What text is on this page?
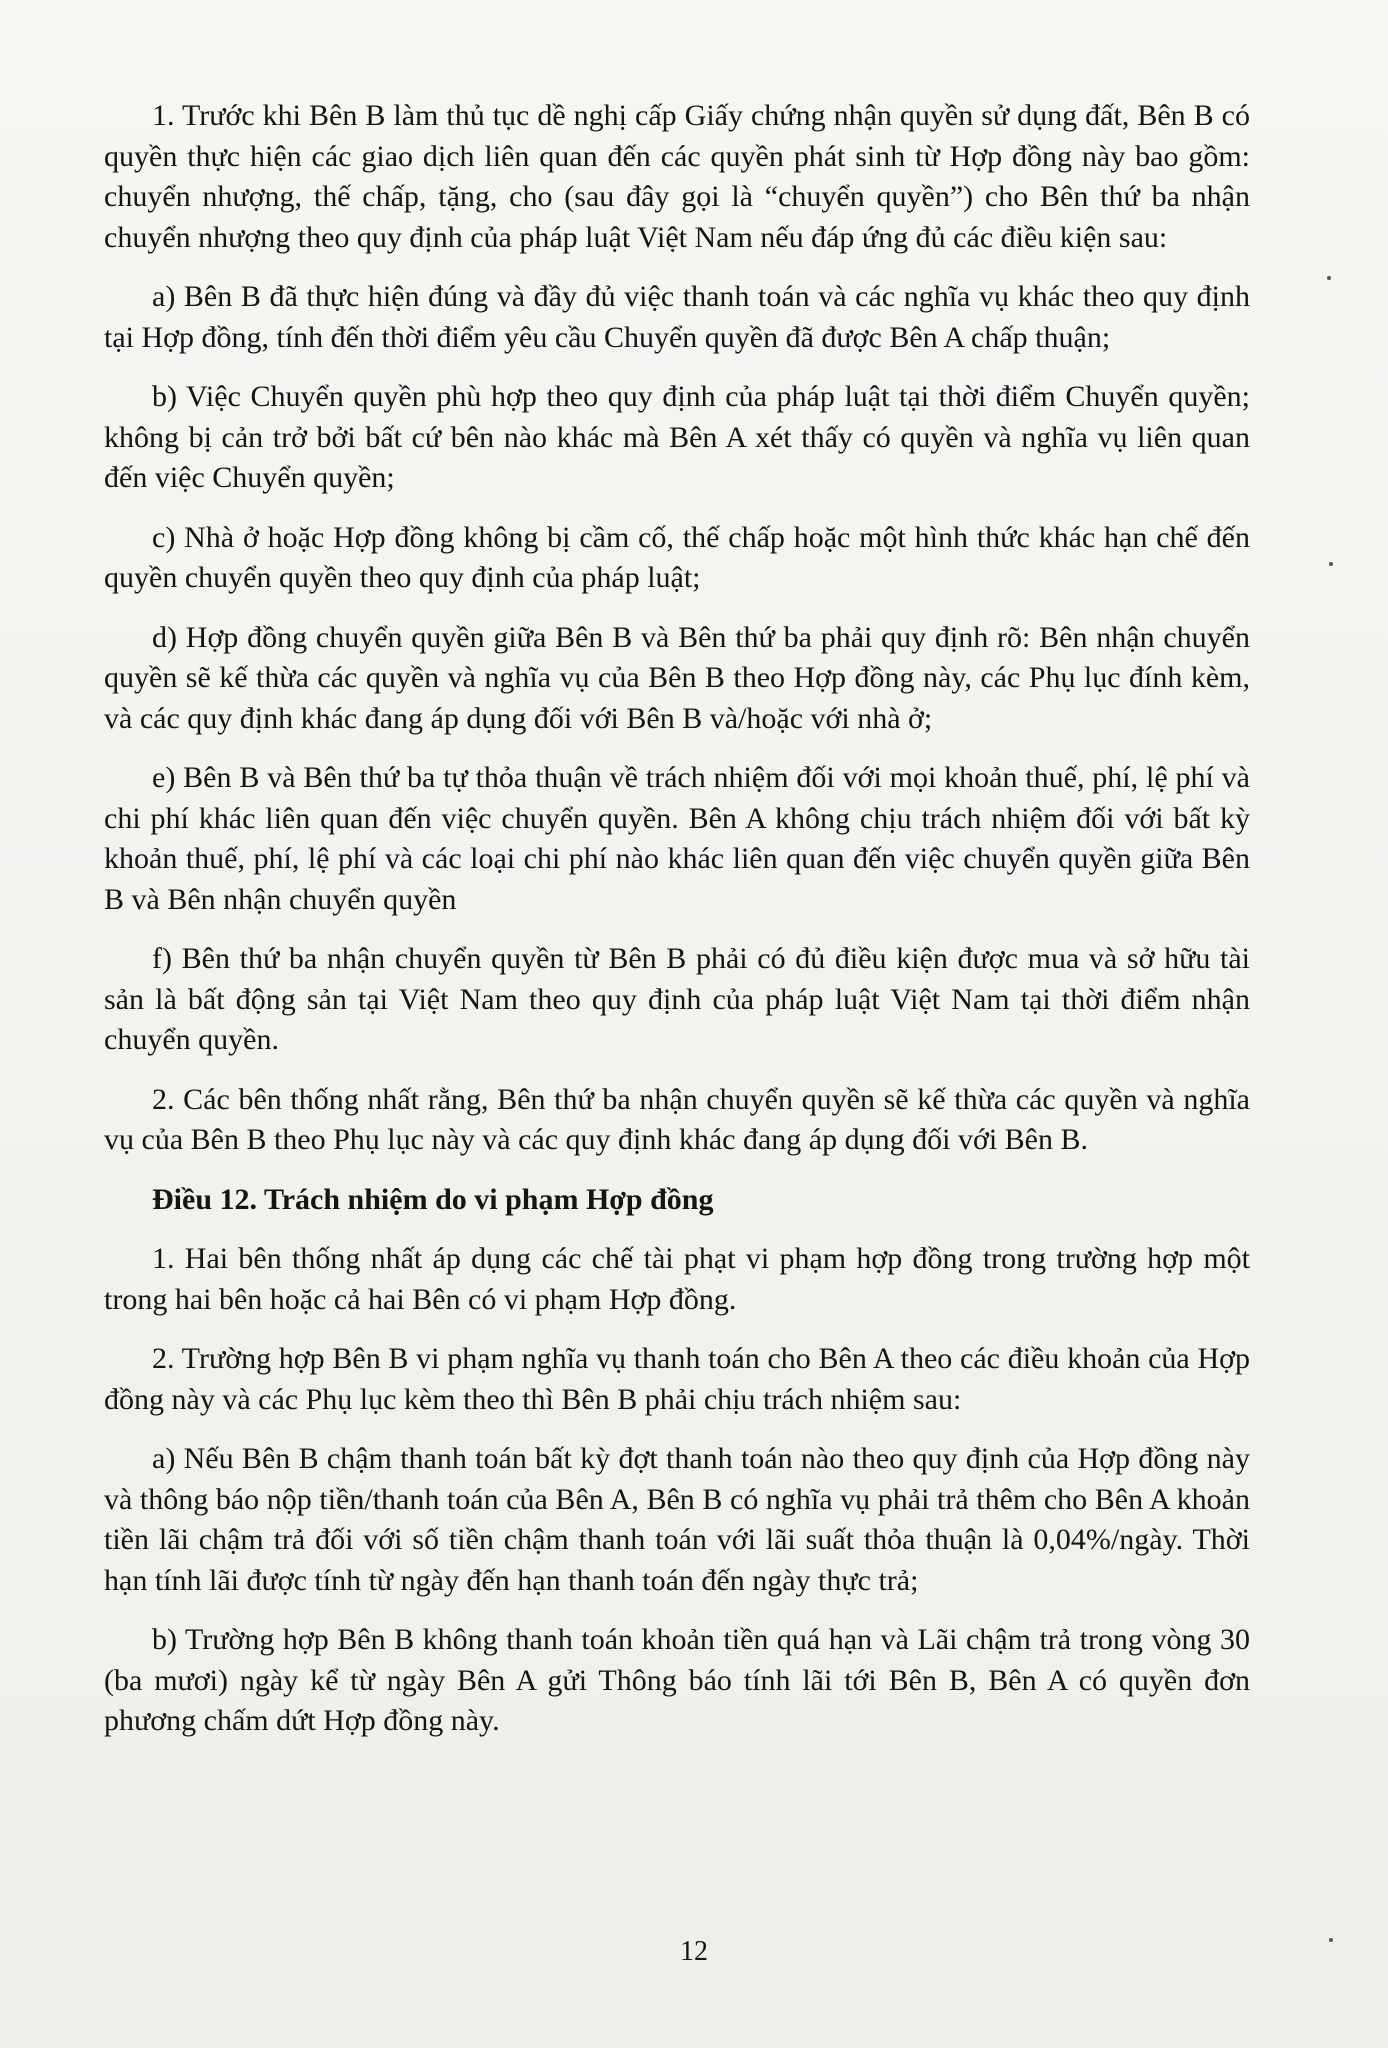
1. Trước khi Bên B làm thủ tục dề nghị cấp Giấy chứng nhận quyền sử dụng đất, Bên B có quyền thực hiện các giao dịch liên quan đến các quyền phát sinh từ Hợp đồng này bao gồm: chuyển nhượng, thế chấp, tặng, cho (sau đây gọi là “chuyển quyền”) cho Bên thứ ba nhận chuyển nhượng theo quy định của pháp luật Việt Nam nếu đáp ứng đủ các điều kiện sau:

a) Bên B đã thực hiện đúng và đầy đủ việc thanh toán và các nghĩa vụ khác theo quy định tại Hợp đồng, tính đến thời điểm yêu cầu Chuyển quyền đã được Bên A chấp thuận;

b) Việc Chuyển quyền phù hợp theo quy định của pháp luật tại thời điểm Chuyển quyền; không bị cản trở bởi bất cứ bên nào khác mà Bên A xét thấy có quyền và nghĩa vụ liên quan đến việc Chuyển quyền;

c) Nhà ở hoặc Hợp đồng không bị cầm cố, thế chấp hoặc một hình thức khác hạn chế đến quyền chuyển quyền theo quy định của pháp luật;

d) Hợp đồng chuyển quyền giữa Bên B và Bên thứ ba phải quy định rõ: Bên nhận chuyển quyền sẽ kế thừa các quyền và nghĩa vụ của Bên B theo Hợp đồng này, các Phụ lục đính kèm, và các quy định khác đang áp dụng đối với Bên B và/hoặc với nhà ở;

e) Bên B và Bên thứ ba tự thỏa thuận về trách nhiệm đối với mọi khoản thuế, phí, lệ phí và chi phí khác liên quan đến việc chuyển quyền. Bên A không chịu trách nhiệm đối với bất kỳ khoản thuế, phí, lệ phí và các loại chi phí nào khác liên quan đến việc chuyển quyền giữa Bên B và Bên nhận chuyển quyền

f) Bên thứ ba nhận chuyển quyền từ Bên B phải có đủ điều kiện được mua và sở hữu tài sản là bất động sản tại Việt Nam theo quy định của pháp luật Việt Nam tại thời điểm nhận chuyển quyền.

2. Các bên thống nhất rằng, Bên thứ ba nhận chuyển quyền sẽ kế thừa các quyền và nghĩa vụ của Bên B theo Phụ lục này và các quy định khác đang áp dụng đối với Bên B.

Điều 12. Trách nhiệm do vi phạm Hợp đồng

1. Hai bên thống nhất áp dụng các chế tài phạt vi phạm hợp đồng trong trường hợp một trong hai bên hoặc cả hai Bên có vi phạm Hợp đồng.

2. Trường hợp Bên B vi phạm nghĩa vụ thanh toán cho Bên A theo các điều khoản của Hợp đồng này và các Phụ lục kèm theo thì Bên B phải chịu trách nhiệm sau:

a) Nếu Bên B chậm thanh toán bất kỳ đợt thanh toán nào theo quy định của Hợp đồng này và thông báo nộp tiền/thanh toán của Bên A, Bên B có nghĩa vụ phải trả thêm cho Bên A khoản tiền lãi chậm trả đối với số tiền chậm thanh toán với lãi suất thỏa thuận là 0,04%/ngày. Thời hạn tính lãi được tính từ ngày đến hạn thanh toán đến ngày thực trả;

b) Trường hợp Bên B không thanh toán khoản tiền quá hạn và Lãi chậm trả trong vòng 30 (ba mươi) ngày kể từ ngày Bên A gửi Thông báo tính lãi tới Bên B, Bên A có quyền đơn phương chấm dứt Hợp đồng này.

12
